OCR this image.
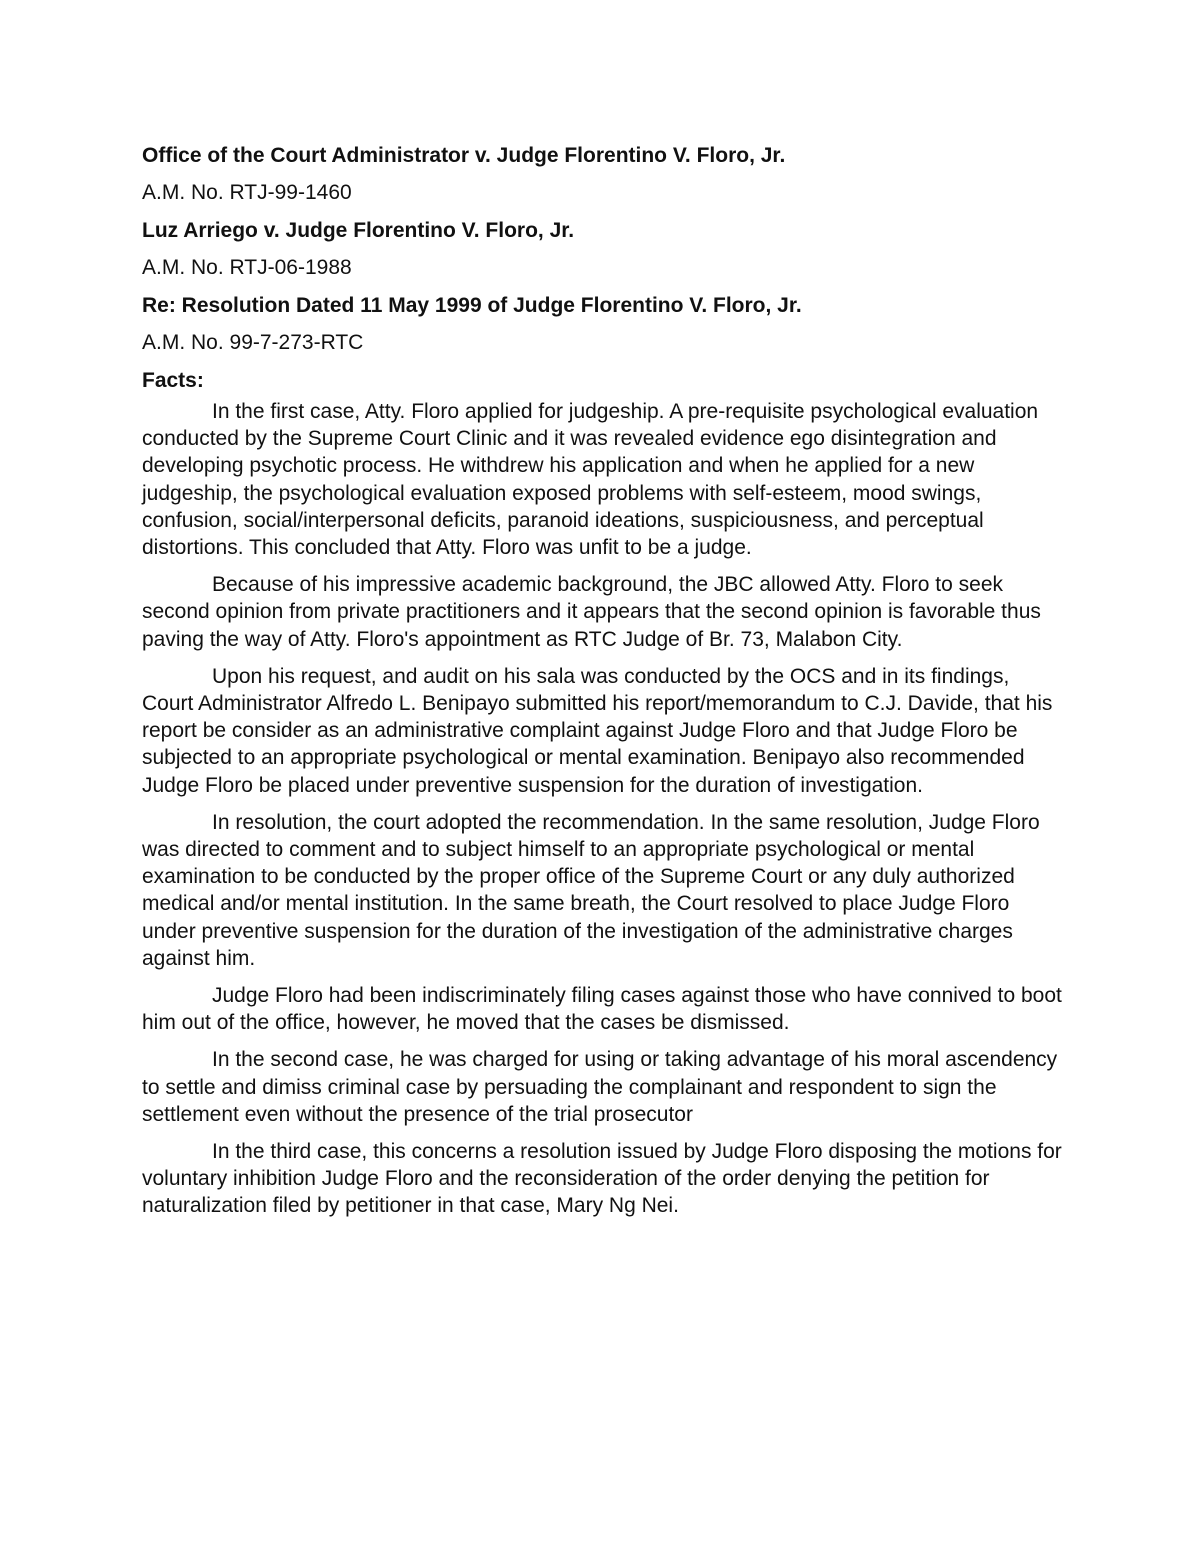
Office of the Court Administrator v. Judge Florentino V. Floro, Jr.
A.M. No. RTJ-99-1460
Luz Arriego v. Judge Florentino V. Floro, Jr.
A.M. No. RTJ-06-1988
Re: Resolution Dated 11 May 1999 of Judge Florentino V. Floro, Jr.
A.M. No. 99-7-273-RTC
Facts:

In the first case, Atty. Floro applied for judgeship. A pre-requisite psychological evaluation conducted by the Supreme Court Clinic and it was revealed evidence ego disintegration and developing psychotic process. He withdrew his application and when he applied for a new judgeship, the psychological evaluation exposed problems with self-esteem, mood swings, confusion, social/interpersonal deficits, paranoid ideations, suspiciousness, and perceptual distortions. This concluded that Atty. Floro was unfit to be a judge.

Because of his impressive academic background, the JBC allowed Atty. Floro to seek second opinion from private practitioners and it appears that the second opinion is favorable thus paving the way of Atty. Floro's appointment as RTC Judge of Br. 73, Malabon City.

Upon his request, and audit on his sala was conducted by the OCS and in its findings, Court Administrator Alfredo L. Benipayo submitted his report/memorandum to C.J. Davide, that his report be consider as an administrative complaint against Judge Floro and that Judge Floro be subjected to an appropriate psychological or mental examination. Benipayo also recommended Judge Floro be placed under preventive suspension for the duration of investigation.

In resolution, the court adopted the recommendation. In the same resolution, Judge Floro was directed to comment and to subject himself to an appropriate psychological or mental examination to be conducted by the proper office of the Supreme Court or any duly authorized medical and/or mental institution. In the same breath, the Court resolved to place Judge Floro under preventive suspension for the duration of the investigation of the administrative charges against him.

Judge Floro had been indiscriminately filing cases against those who have connived to boot him out of the office, however, he moved that the cases be dismissed.

In the second case, he was charged for using or taking advantage of his moral ascendency to settle and dimiss criminal case by persuading the complainant and respondent to sign the settlement even without the presence of the trial prosecutor

In the third case, this concerns a resolution issued by Judge Floro disposing the motions for voluntary inhibition Judge Floro and the reconsideration of the order denying the petition for naturalization filed by petitioner in that case, Mary Ng Nei.
